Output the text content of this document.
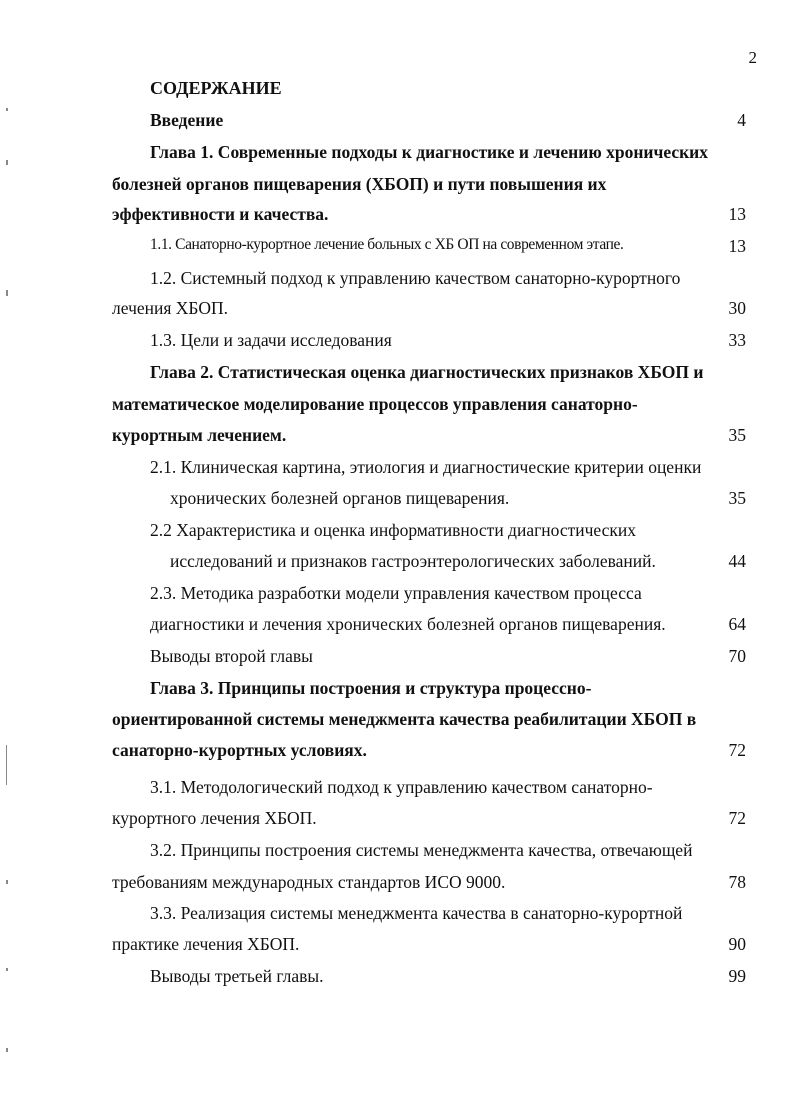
2
СОДЕРЖАНИЕ
Введение	4
Глава 1. Современные подходы к диагностике и лечению хронических
болезней органов пищеварения (ХБОП) и пути повышения их
эффективности и качества.	13
1.1. Санаторно-курортное лечение больных с ХБ ОП на современном этапе.	13
1.2. Системный подход к управлению качеством санаторно-курортного
лечения ХБОП.	30
1.3. Цели и задачи исследования	33
Глава 2. Статистическая оценка диагностических признаков ХБОП и
математическое моделирование процессов управления санаторно-
курортным лечением.	35
2.1. Клиническая картина, этиология и диагностические критерии оценки
хронических болезней органов пищеварения.	35
2.2 Характеристика и оценка информативности диагностических
исследований и признаков гастроэнтерологических заболеваний.	44
2.3. Методика разработки модели управления качеством процесса
диагностики и лечения хронических болезней органов пищеварения.	64
Выводы второй главы	70
Глава 3. Принципы построения и структура процессно-
ориентированной системы менеджмента качества реабилитации ХБОП в
санаторно-курортных условиях.	72
3.1. Методологический подход к управлению качеством санаторно-
курортного лечения ХБОП.	72
3.2. Принципы построения системы менеджмента качества, отвечающей
требованиям международных стандартов ИСО 9000.	78
3.3. Реализация системы менеджмента качества в санаторно-курортной
практике лечения ХБОП.	90
Выводы третьей главы.	99
